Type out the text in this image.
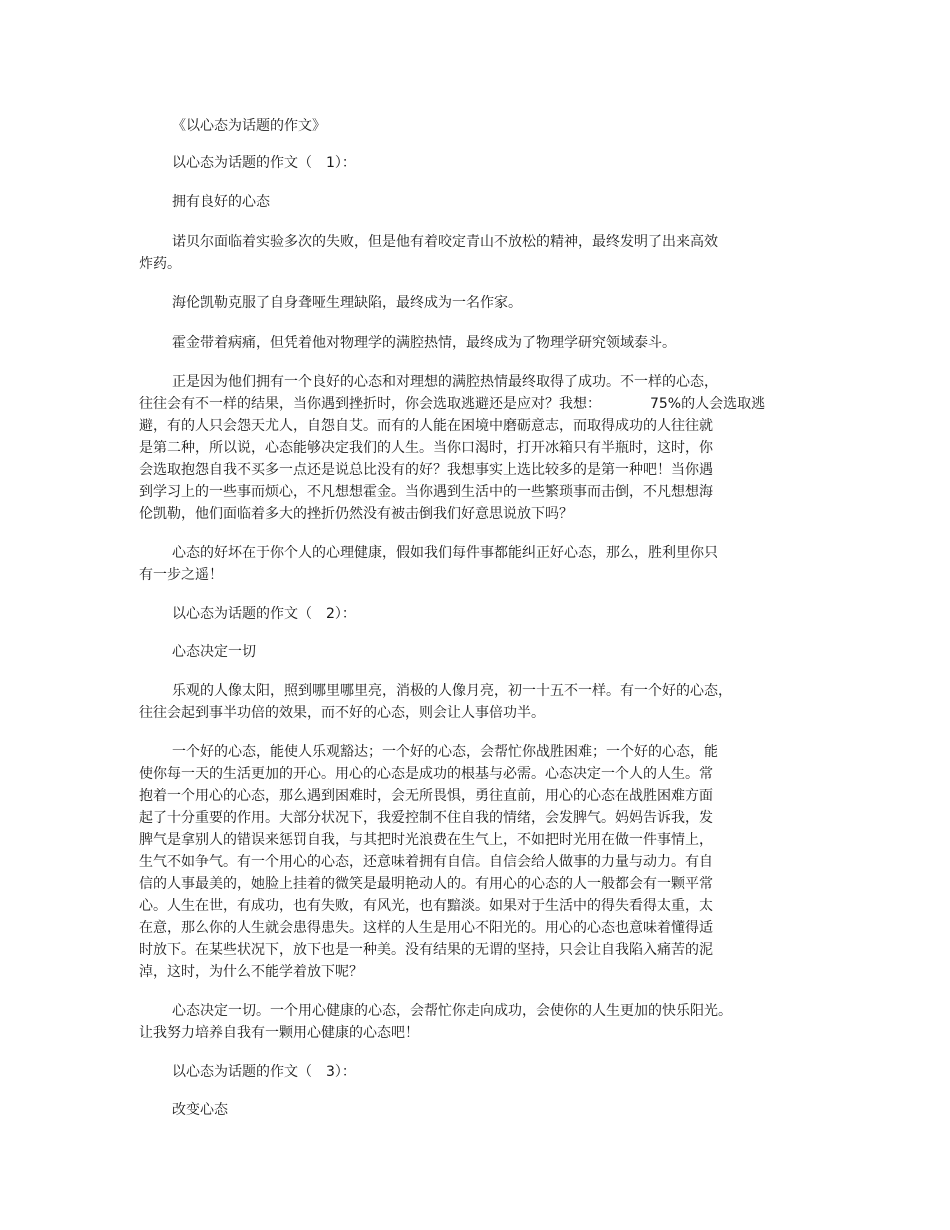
《以心态为话题的作文》

以心态为话题的作文（　1）：

拥有良好的心态

诺贝尔面临着实验多次的失败，但是他有着咬定青山不放松的精神，最终发明了出来高效

炸药。

海伦凯勒克服了自身聋哑生理缺陷，最终成为一名作家。

霍金带着病痛，但凭着他对物理学的满腔热情，最终成为了物理学研究领域泰斗。

正是因为他们拥有一个良好的心态和对理想的满腔热情最终取得了成功。不一样的心态，

往往会有不一样的结果，当你遇到挫折时，你会选取逃避还是应对？我想：　　　　75%的人会选取逃

避，有的人只会怨天尤人，自怨自艾。而有的人能在困境中磨砺意志，而取得成功的人往往就

是第二种，所以说，心态能够决定我们的人生。当你口渴时，打开冰箱只有半瓶时，这时，你

会选取抱怨自我不买多一点还是说总比没有的好？我想事实上选比较多的是第一种吧！当你遇

到学习上的一些事而烦心，不凡想想霍金。当你遇到生活中的一些繁琐事而击倒，不凡想想海

伦凯勒，他们面临着多大的挫折仍然没有被击倒我们好意思说放下吗？

心态的好坏在于你个人的心理健康，假如我们每件事都能纠正好心态，那么，胜利里你只

有一步之遥！

以心态为话题的作文（　2）：

心态决定一切

乐观的人像太阳，照到哪里哪里亮，消极的人像月亮，初一十五不一样。有一个好的心态，

往往会起到事半功倍的效果，而不好的心态，则会让人事倍功半。

一个好的心态，能使人乐观豁达；一个好的心态，会帮忙你战胜困难；一个好的心态，能

使你每一天的生活更加的开心。用心的心态是成功的根基与必需。心态决定一个人的人生。常

抱着一个用心的心态，那么遇到困难时，会无所畏惧，勇往直前，用心的心态在战胜困难方面

起了十分重要的作用。大部分状况下，我爱控制不住自我的情绪，会发脾气。妈妈告诉我，发

脾气是拿别人的错误来惩罚自我，与其把时光浪费在生气上，不如把时光用在做一件事情上，

生气不如争气。有一个用心的心态，还意味着拥有自信。自信会给人做事的力量与动力。有自

信的人事最美的，她脸上挂着的微笑是最明艳动人的。有用心的心态的人一般都会有一颗平常

心。人生在世，有成功，也有失败，有风光，也有黯淡。如果对于生活中的得失看得太重，太

在意，那么你的人生就会患得患失。这样的人生是用心不阳光的。用心的心态也意味着懂得适

时放下。在某些状况下，放下也是一种美。没有结果的无谓的坚持，只会让自我陷入痛苦的泥

淖，这时，为什么不能学着放下呢？

心态决定一切。一个用心健康的心态，会帮忙你走向成功，会使你的人生更加的快乐阳光。

让我努力培养自我有一颗用心健康的心态吧！

以心态为话题的作文（　3）：

改变心态
